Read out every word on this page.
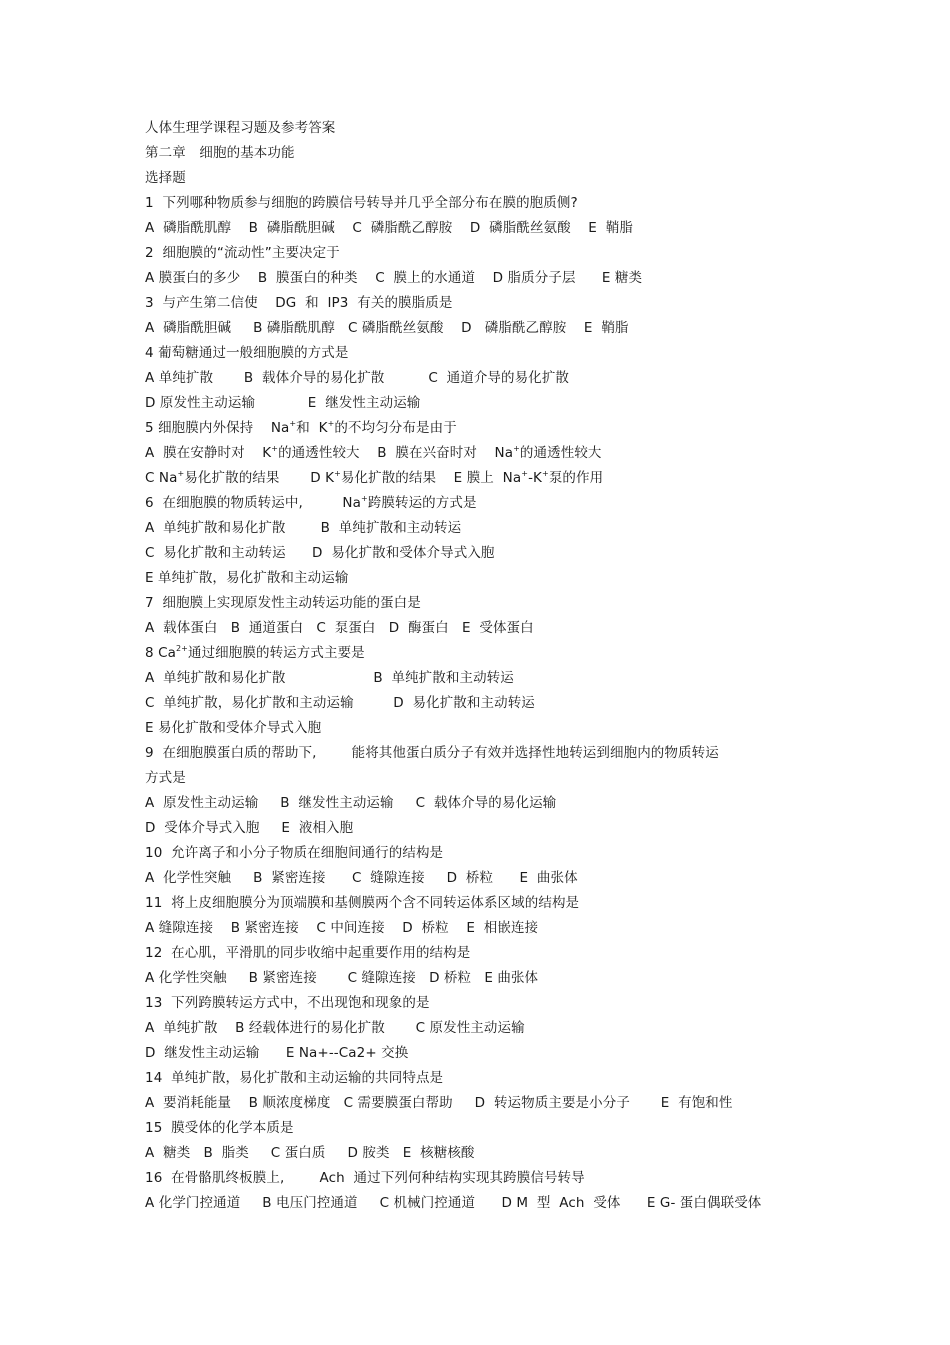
人体生理学课程习题及参考答案
第二章　细胞的基本功能
选择题
1  下列哪种物质参与细胞的跨膜信号转导并几乎全部分布在膜的胞质侧?
A  磷脂酰肌醇    B  磷脂酰胆碱    C  磷脂酰乙醇胺    D  磷脂酰丝氨酸    E  鞘脂
2  细胞膜的“流动性”主要决定于
A 膜蛋白的多少    B  膜蛋白的种类    C  膜上的水通道    D 脂质分子层      E 糖类
3  与产生第二信使    DG  和  IP3  有关的膜脂质是
A  磷脂酰胆碱     B 磷脂酰肌醇   C 磷脂酰丝氨酸    D   磷脂酰乙醇胺    E  鞘脂
4 葡萄糖通过一般细胞膜的方式是
A 单纯扩散       B  载体介导的易化扩散          C  通道介导的易化扩散
D 原发性主动运输            E  继发性主动运输
5 细胞膜内外保持    Na+和  K+的不均匀分布是由于
A  膜在安静时对    K+的通透性较大    B  膜在兴奋时对    Na+的通透性较大
C Na+易化扩散的结果       D K+易化扩散的结果    E 膜上  Na+-K+泵的作用
6  在细胞膜的物质转运中,         Na+跨膜转运的方式是
A  单纯扩散和易化扩散        B  单纯扩散和主动转运
C  易化扩散和主动转运      D  易化扩散和受体介导式入胞
E 单纯扩散，易化扩散和主动运输
7  细胞膜上实现原发性主动转运功能的蛋白是
A  载体蛋白   B  通道蛋白   C  泵蛋白   D  酶蛋白   E  受体蛋白
8 $Ca^{2+}$通过细胞膜的转运方式主要是
A  单纯扩散和易化扩散                    B  单纯扩散和主动转运
C  单纯扩散，易化扩散和主动运输         D  易化扩散和主动转运
E 易化扩散和受体介导式入胞
9  在细胞膜蛋白质的帮助下,        能将其他蛋白质分子有效并选择性地转运到细胞内的物质转运
方式是
A  原发性主动运输     B  继发性主动运输     C  载体介导的易化运输
D  受体介导式入胞     E  液相入胞
10  允许离子和小分子物质在细胞间通行的结构是
A  化学性突触     B  紧密连接      C  缝隙连接     D  桥粒      E  曲张体
11  将上皮细胞膜分为顶端膜和基侧膜两个含不同转运体系区域的结构是
A 缝隙连接    B 紧密连接    C 中间连接    D  桥粒    E  相嵌连接
12  在心肌，平滑肌的同步收缩中起重要作用的结构是
A 化学性突触     B 紧密连接       C 缝隙连接   D 桥粒   E 曲张体
13  下列跨膜转运方式中，不出现饱和现象的是
A  单纯扩散    B 经载体进行的易化扩散       C 原发性主动运输
D  继发性主动运输      E Na+--Ca2+ 交换
14  单纯扩散，易化扩散和主动运输的共同特点是
A  要消耗能量    B 顺浓度梯度   C 需要膜蛋白帮助     D  转运物质主要是小分子       E  有饱和性
15  膜受体的化学本质是
A  糖类   B  脂类     C 蛋白质     D 胺类   E  核糖核酸
16  在骨骼肌终板膜上,        Ach  通过下列何种结构实现其跨膜信号转导
A 化学门控通道     B 电压门控通道     C 机械门控通道      D M  型  Ach  受体      E G- 蛋白偶联受体
